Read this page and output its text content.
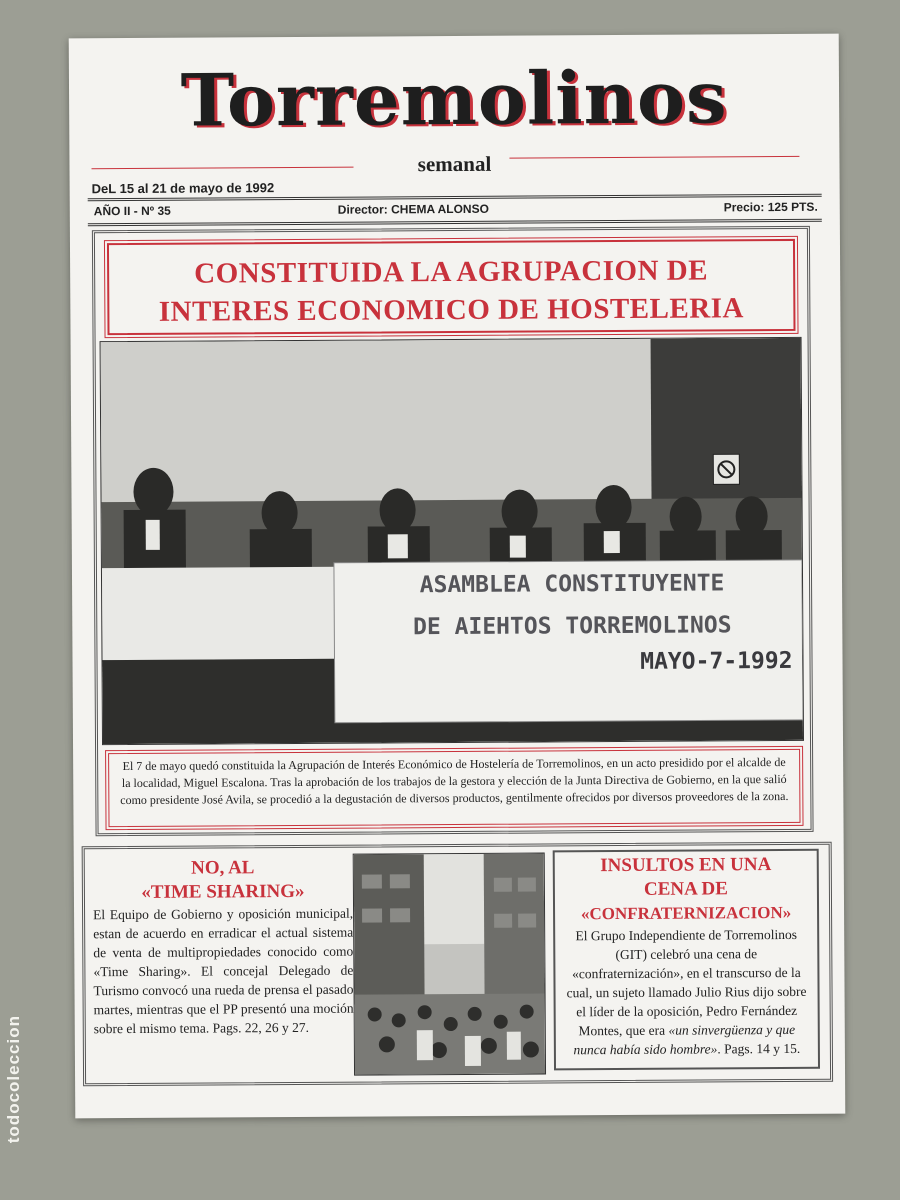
todocoleccion
Torremolinos
semanal
DeL 15 al 21 de mayo de 1992
AÑO II - Nº 35	Director: CHEMA ALONSO	Precio: 125 PTS.
CONSTITUIDA LA AGRUPACION DE
INTERES ECONOMICO DE HOSTELERIA
ASAMBLEA CONSTITUYENTE
DE AIEHTOS TORREMOLINOS
MAYO-7-1992
El 7 de mayo quedó constituida la Agrupación de Interés Económico de Hostelería de Torremolinos, en un acto presidido por el alcalde de la localidad, Miguel Escalona. Tras la aprobación de los trabajos de la gestora y elección de la Junta Directiva de Gobierno, en la que salió como presidente José Avila, se procedió a la degustación de diversos productos, gentilmente ofrecidos por diversos proveedores de la zona.
NO, AL
«TIME SHARING»
El Equipo de Gobierno y oposición municipal, estan de acuerdo en erradicar el actual sistema de venta de multipropiedades conocido como «Time Sharing». El concejal Delegado de Turismo convocó una rueda de prensa el pasado martes, mientras que el PP presentó una moción sobre el mismo tema. Pags. 22, 26 y 27.
INSULTOS EN UNA
CENA DE
«CONFRATERNIZACION»
El Grupo Independiente de Torremolinos (GIT) celebró una cena de «confraternización», en el transcurso de la cual, un sujeto llamado Julio Rius dijo sobre el líder de la oposición, Pedro Fernández Montes, que era «un sinvergüenza y que nunca había sido hombre». Pags. 14 y 15.
